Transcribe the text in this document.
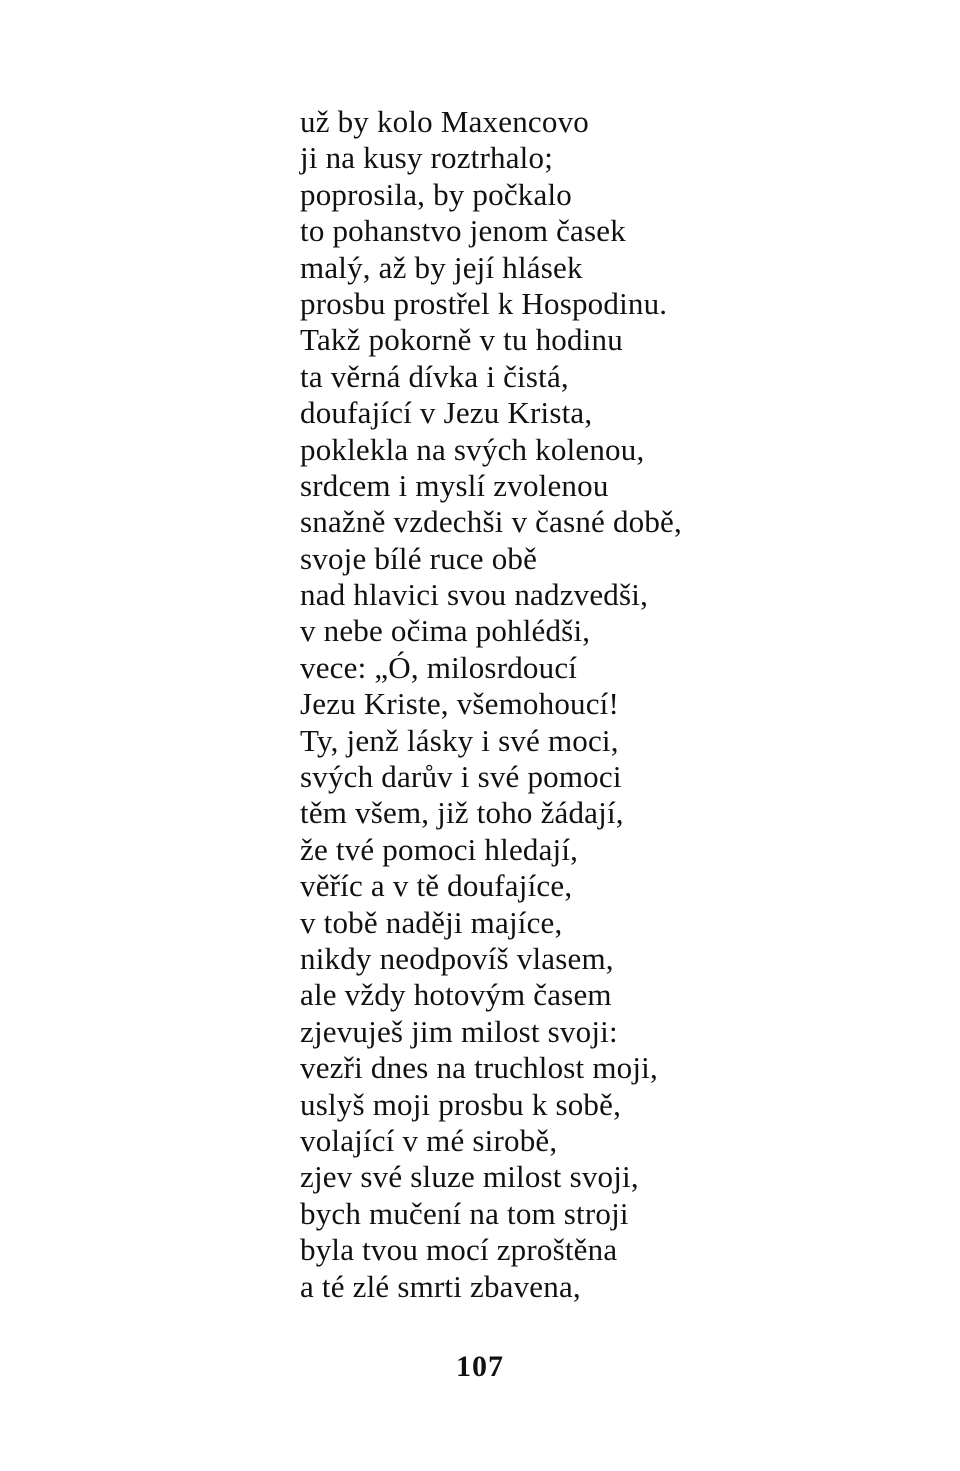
už by kolo Maxencovo
ji na kusy roztrhalo;
poprosila, by počkalo
to pohanstvo jenom časek
malý, až by její hlásek
prosbu prostřel k Hospodinu.
Takž pokorně v tu hodinu
ta věrná dívka i čistá,
doufající v Jezu Krista,
poklekla na svých kolenou,
srdcem i myslí zvolenou
snažně vzdechši v časné době,
svoje bílé ruce obě
nad hlavici svou nadzvedši,
v nebe očima pohlédši,
vece: „Ó, milosrdoucí
Jezu Kriste, všemohoucí!
Ty, jenž lásky i své moci,
svých darův i své pomoci
těm všem, již toho žádají,
že tvé pomoci hledají,
věříc a v tě doufajíce,
v tobě naději majíce,
nikdy neodpovíš vlasem,
ale vždy hotovým časem
zjevuješ jim milost svoji:
vezři dnes na truchlost moji,
uslyš moji prosbu k sobě,
volající v mé sirobě,
zjev své sluze milost svoji,
bych mučení na tom stroji
byla tvou mocí zproštěna
a té zlé smrti zbavena,
107
